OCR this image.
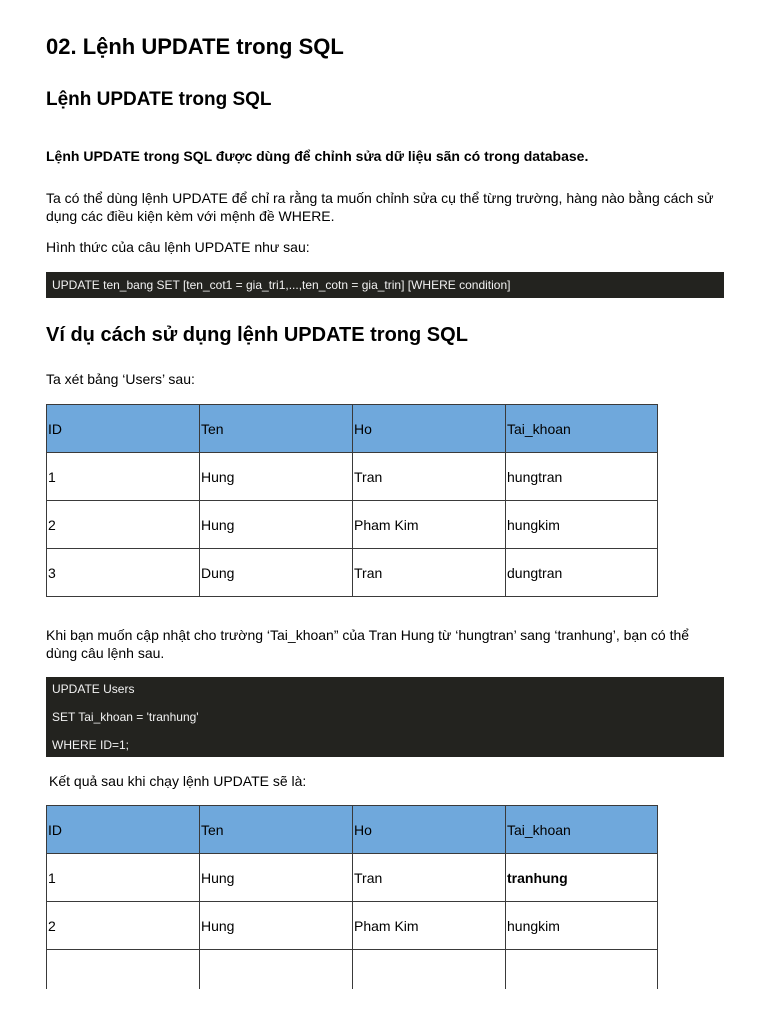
02. Lệnh UPDATE trong SQL
Lệnh UPDATE trong SQL
Lệnh UPDATE trong SQL được dùng để chỉnh sửa dữ liệu sãn có trong database.
Ta có thể dùng lệnh UPDATE để chỉ ra rằng ta muốn chỉnh sửa cụ thể từng trường, hàng nào bằng cách sử dụng các điều kiện kèm với mệnh đề WHERE.
Hình thức của câu lệnh UPDATE như sau:
UPDATE ten_bang SET [ten_cot1 = gia_tri1,...,ten_cotn = gia_trin] [WHERE condition]
Ví dụ cách sử dụng lệnh UPDATE trong SQL
Ta xét bảng ‘Users’ sau:
ID	Ten	Ho	Tai_khoan
1	Hung	Tran	hungtran
2	Hung	Pham Kim	hungkim
3	Dung	Tran	dungtran
Khi bạn muốn cập nhật cho trường ‘Tai_khoan” của Tran Hung từ ‘hungtran’ sang ‘tranhung’, bạn có thể dùng câu lệnh sau.
UPDATE Users
SET Tai_khoan = 'tranhung'
WHERE ID=1;
Kết quả sau khi chạy lệnh UPDATE sẽ là:
ID	Ten	Ho	Tai_khoan
1	Hung	Tran	tranhung
2	Hung	Pham Kim	hungkim
